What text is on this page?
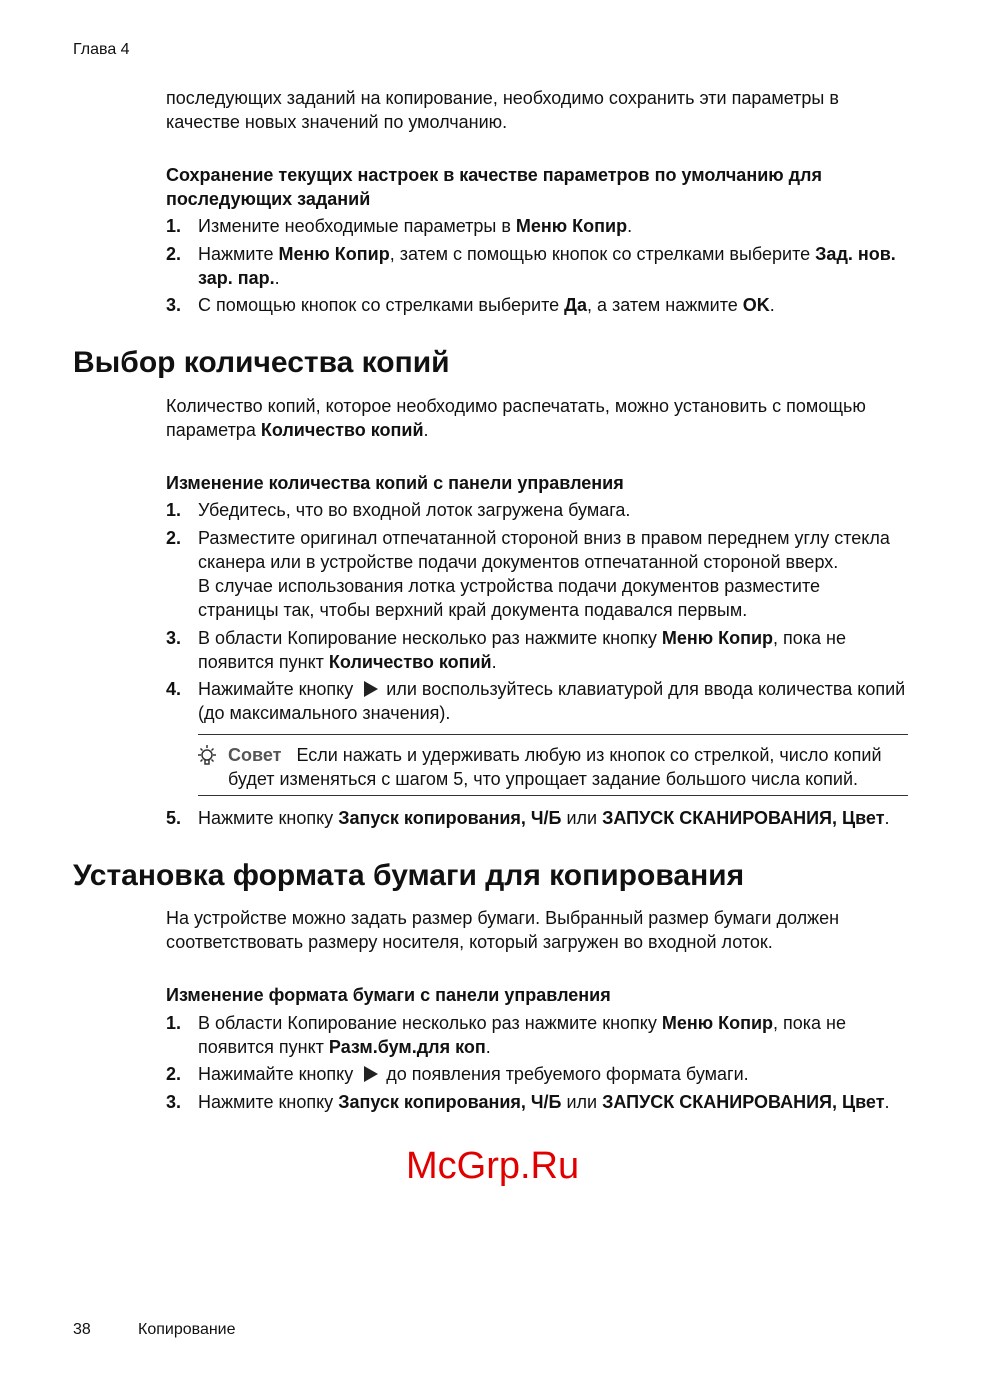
Глава 4
последующих заданий на копирование, необходимо сохранить эти параметры в качестве новых значений по умолчанию.
Сохранение текущих настроек в качестве параметров по умолчанию для последующих заданий
1. Измените необходимые параметры в Меню Копир.
2. Нажмите Меню Копир, затем с помощью кнопок со стрелками выберите Зад. нов. зар. пар..
3. С помощью кнопок со стрелками выберите Да, а затем нажмите OK.
Выбор количества копий
Количество копий, которое необходимо распечатать, можно установить с помощью параметра Количество копий.
Изменение количества копий с панели управления
1. Убедитесь, что во входной лоток загружена бумага.
2. Разместите оригинал отпечатанной стороной вниз в правом переднем углу стекла сканера или в устройстве подачи документов отпечатанной стороной вверх.
В случае использования лотка устройства подачи документов разместите страницы так, чтобы верхний край документа подавался первым.
3. В области Копирование несколько раз нажмите кнопку Меню Копир, пока не появится пункт Количество копий.
4. Нажимайте кнопку  или воспользуйтесь клавиатурой для ввода количества копий (до максимального значения).
Совет Если нажать и удерживать любую из кнопок со стрелкой, число копий будет изменяться с шагом 5, что упрощает задание большого числа копий.
5. Нажмите кнопку Запуск копирования, Ч/Б или ЗАПУСК СКАНИРОВАНИЯ, Цвет.
Установка формата бумаги для копирования
На устройстве можно задать размер бумаги. Выбранный размер бумаги должен соответствовать размеру носителя, который загружен во входной лоток.
Изменение формата бумаги с панели управления
1. В области Копирование несколько раз нажмите кнопку Меню Копир, пока не появится пункт Разм.бум.для коп.
2. Нажимайте кнопку  до появления требуемого формата бумаги.
3. Нажмите кнопку Запуск копирования, Ч/Б или ЗАПУСК СКАНИРОВАНИЯ, Цвет.
McGrp.Ru
38	Копирование
